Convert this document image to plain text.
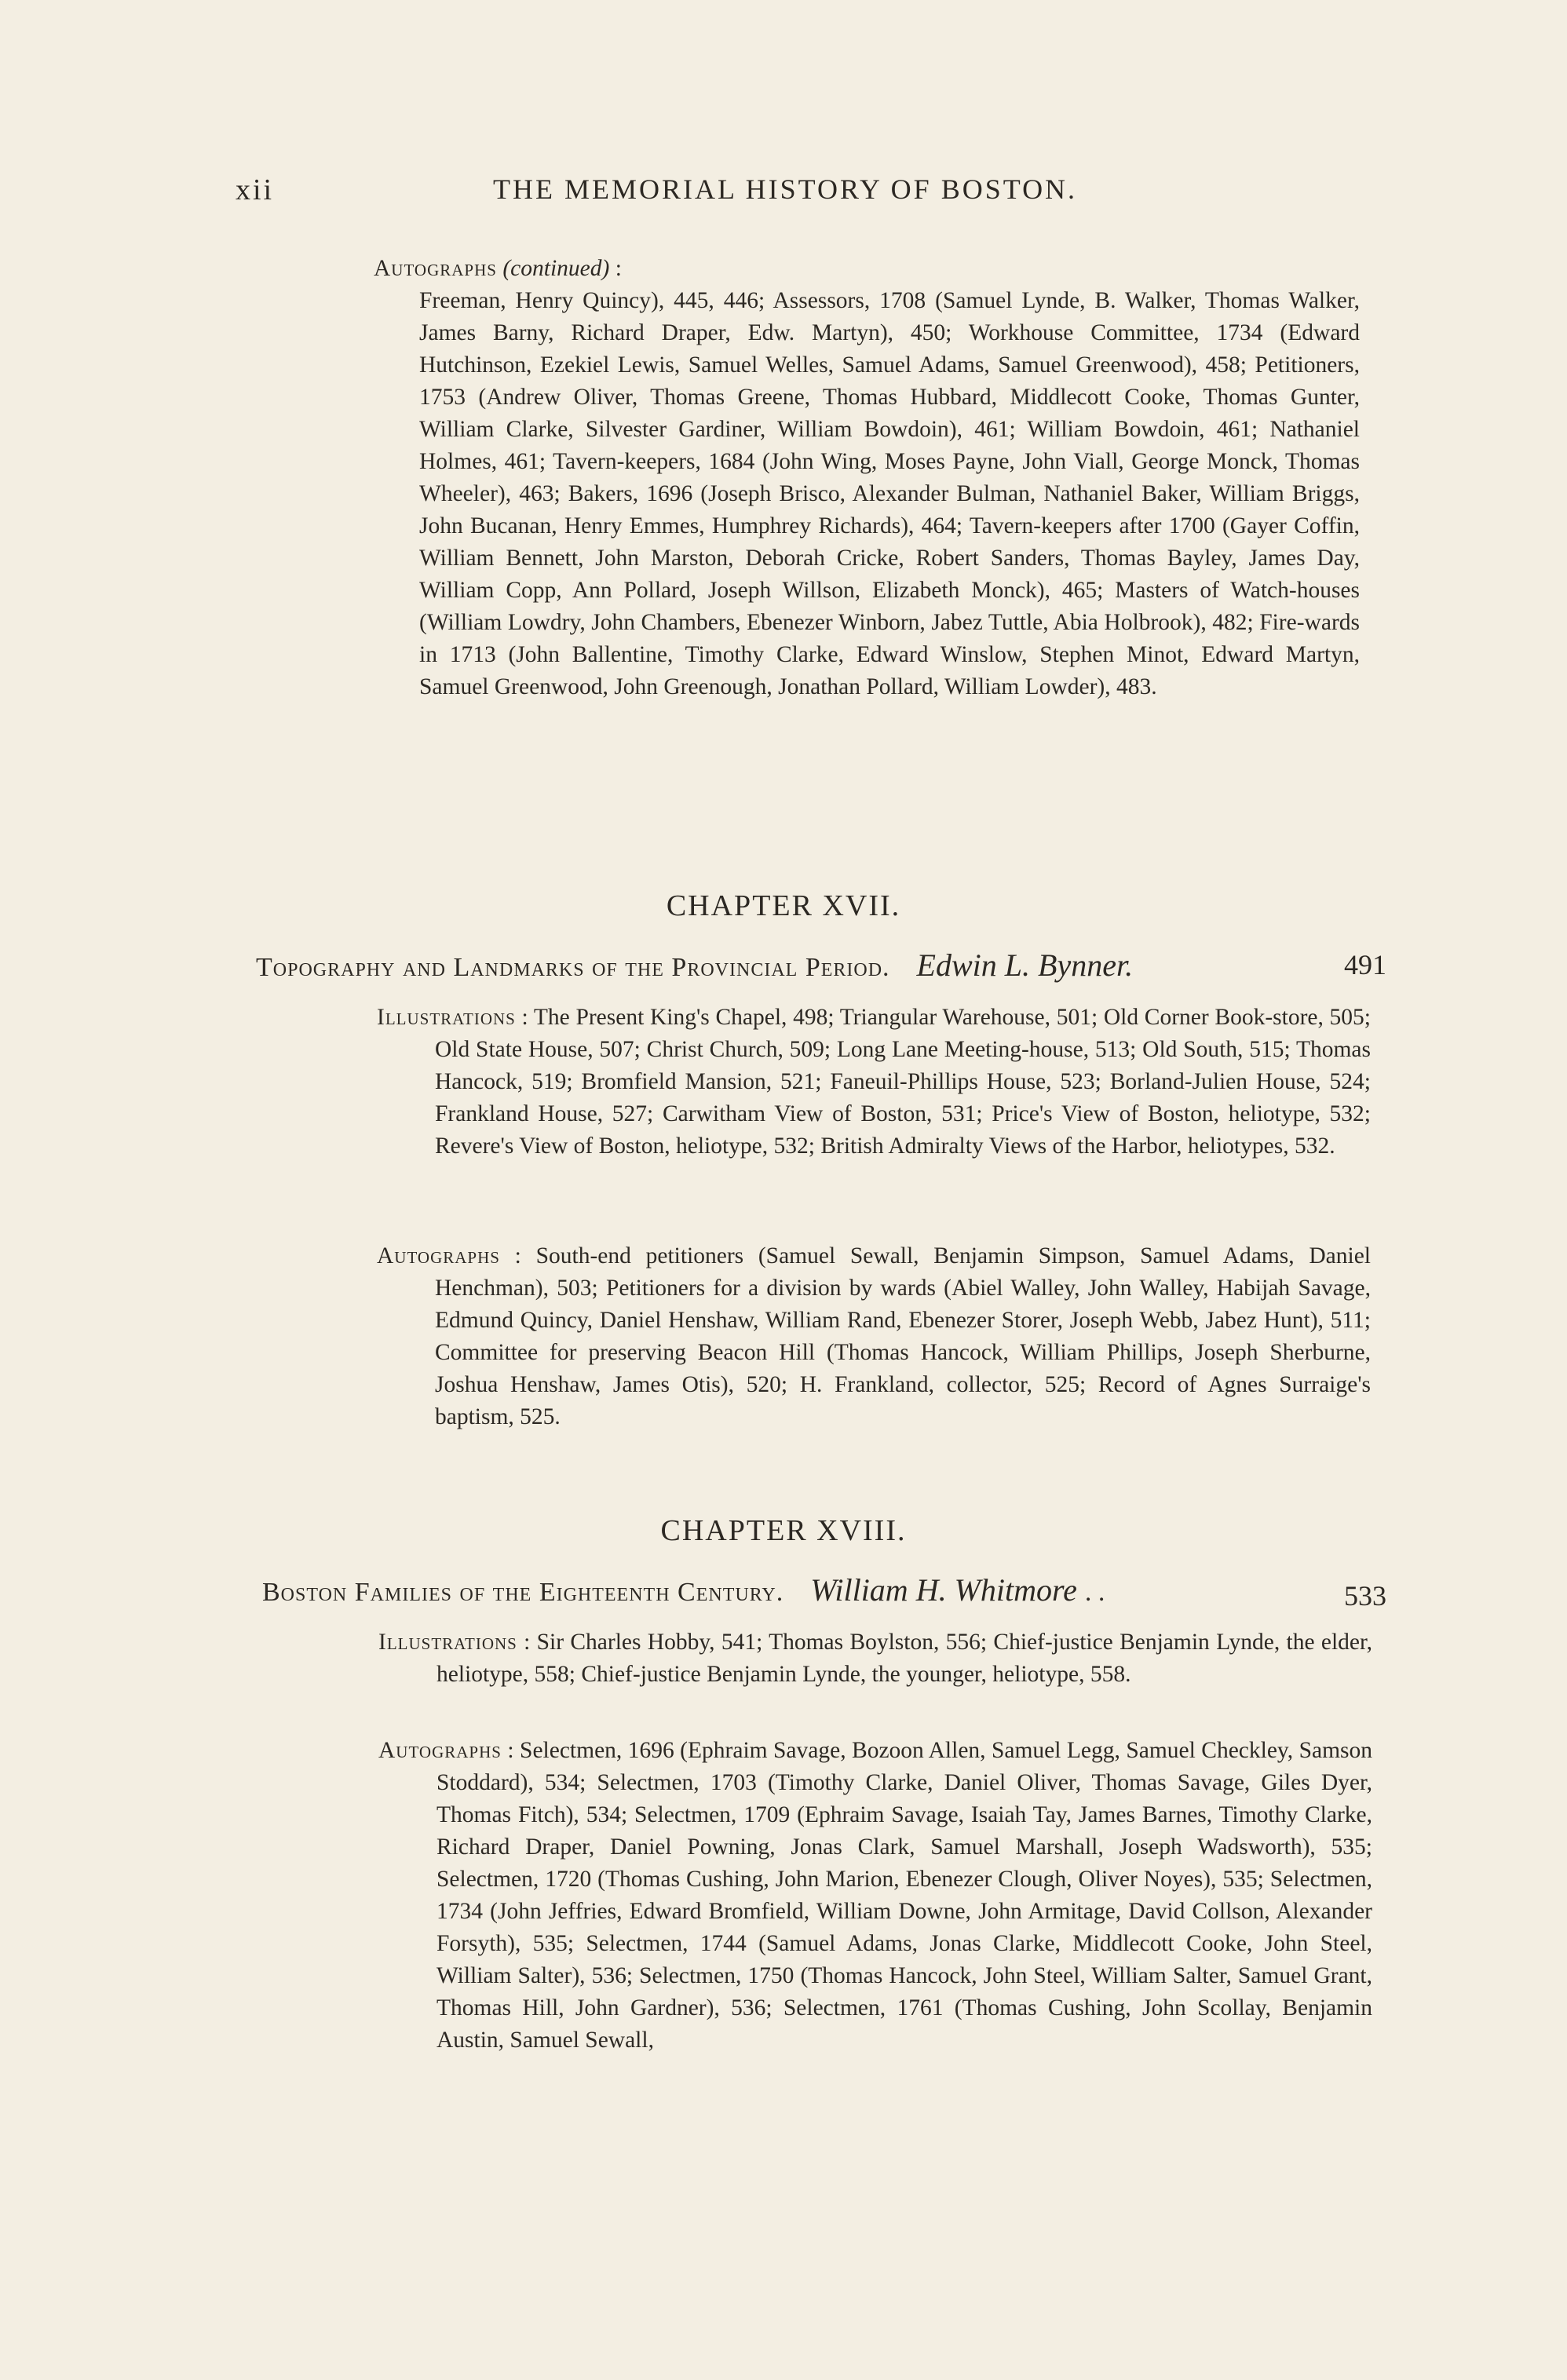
xii	THE MEMORIAL HISTORY OF BOSTON.
Autographs (continued) :
Freeman, Henry Quincy), 445, 446; Assessors, 1708 (Samuel Lynde, B. Walker, Thomas Walker, James Barny, Richard Draper, Edw. Martyn), 450; Workhouse Committee, 1734 (Edward Hutchinson, Ezekiel Lewis, Samuel Welles, Samuel Adams, Samuel Greenwood), 458; Petitioners, 1753 (Andrew Oliver, Thomas Greene, Thomas Hubbard, Middlecott Cooke, Thomas Gunter, William Clarke, Silvester Gardiner, William Bowdoin), 461; William Bowdoin, 461; Nathaniel Holmes, 461; Tavern-keepers, 1684 (John Wing, Moses Payne, John Viall, George Monck, Thomas Wheeler), 463; Bakers, 1696 (Joseph Brisco, Alexander Bulman, Nathaniel Baker, William Briggs, John Bucanan, Henry Emmes, Humphrey Richards), 464; Tavern-keepers after 1700 (Gayer Coffin, William Bennett, John Marston, Deborah Cricke, Robert Sanders, Thomas Bayley, James Day, William Copp, Ann Pollard, Joseph Willson, Elizabeth Monck), 465; Masters of Watch-houses (William Lowdry, John Chambers, Ebenezer Winborn, Jabez Tuttle, Abia Holbrook), 482; Fire-wards in 1713 (John Ballentine, Timothy Clarke, Edward Winslow, Stephen Minot, Edward Martyn, Samuel Greenwood, John Greenough, Jonathan Pollard, William Lowder), 483.
CHAPTER XVII.
Topography and Landmarks of the Provincial Period. Edwin L. Bynner.	491
Illustrations : The Present King's Chapel, 498; Triangular Warehouse, 501; Old Corner Book-store, 505; Old State House, 507; Christ Church, 509; Long Lane Meeting-house, 513; Old South, 515; Thomas Hancock, 519; Bromfield Mansion, 521; Faneuil-Phillips House, 523; Borland-Julien House, 524; Frankland House, 527; Carwitham View of Boston, 531; Price's View of Boston, heliotype, 532; Revere's View of Boston, heliotype, 532; British Admiralty Views of the Harbor, heliotypes, 532.
Autographs : South-end petitioners (Samuel Sewall, Benjamin Simpson, Samuel Adams, Daniel Henchman), 503; Petitioners for a division by wards (Abiel Walley, John Walley, Habijah Savage, Edmund Quincy, Daniel Henshaw, William Rand, Ebenezer Storer, Joseph Webb, Jabez Hunt), 511; Committee for preserving Beacon Hill (Thomas Hancock, William Phillips, Joseph Sherburne, Joshua Henshaw, James Otis), 520; H. Frankland, collector, 525; Record of Agnes Surraige's baptism, 525.
CHAPTER XVIII.
Boston Families of the Eighteenth Century. William H. Whitmore . .	533
Illustrations : Sir Charles Hobby, 541; Thomas Boylston, 556; Chief-justice Benjamin Lynde, the elder, heliotype, 558; Chief-justice Benjamin Lynde, the younger, heliotype, 558.
Autographs : Selectmen, 1696 (Ephraim Savage, Bozoon Allen, Samuel Legg, Samuel Checkley, Samson Stoddard), 534; Selectmen, 1703 (Timothy Clarke, Daniel Oliver, Thomas Savage, Giles Dyer, Thomas Fitch), 534; Selectmen, 1709 (Ephraim Savage, Isaiah Tay, James Barnes, Timothy Clarke, Richard Draper, Daniel Powning, Jonas Clark, Samuel Marshall, Joseph Wadsworth), 535; Selectmen, 1720 (Thomas Cushing, John Marion, Ebenezer Clough, Oliver Noyes), 535; Selectmen, 1734 (John Jeffries, Edward Bromfield, William Downe, John Armitage, David Collson, Alexander Forsyth), 535; Selectmen, 1744 (Samuel Adams, Jonas Clarke, Middlecott Cooke, John Steel, William Salter), 536; Selectmen, 1750 (Thomas Hancock, John Steel, William Salter, Samuel Grant, Thomas Hill, John Gardner), 536; Selectmen, 1761 (Thomas Cushing, John Scollay, Benjamin Austin, Samuel Sewall,
